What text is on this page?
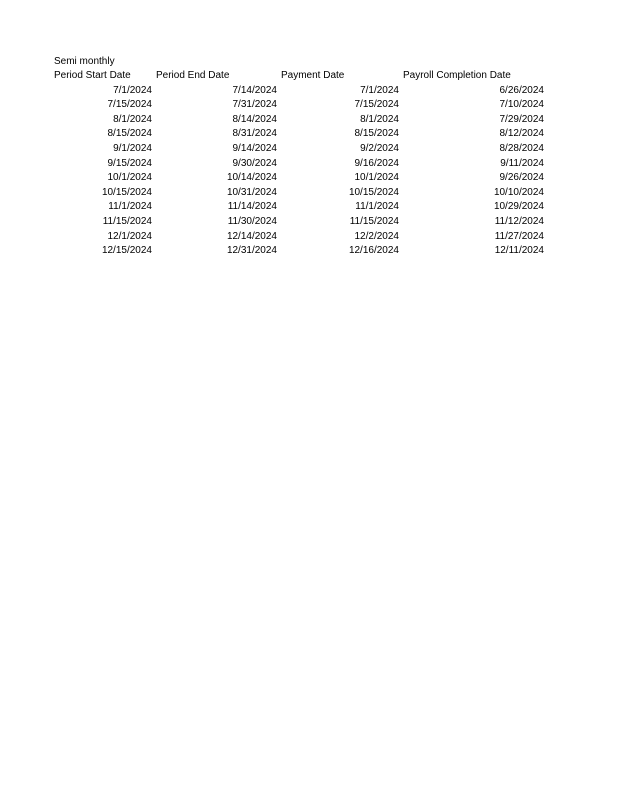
Semi monthly
Period Start Date	Period End Date	Payment Date	Payroll Completion Date
7/1/2024	7/14/2024	7/1/2024	6/26/2024
7/15/2024	7/31/2024	7/15/2024	7/10/2024
8/1/2024	8/14/2024	8/1/2024	7/29/2024
8/15/2024	8/31/2024	8/15/2024	8/12/2024
9/1/2024	9/14/2024	9/2/2024	8/28/2024
9/15/2024	9/30/2024	9/16/2024	9/11/2024
10/1/2024	10/14/2024	10/1/2024	9/26/2024
10/15/2024	10/31/2024	10/15/2024	10/10/2024
11/1/2024	11/14/2024	11/1/2024	10/29/2024
11/15/2024	11/30/2024	11/15/2024	11/12/2024
12/1/2024	12/14/2024	12/2/2024	11/27/2024
12/15/2024	12/31/2024	12/16/2024	12/11/2024
